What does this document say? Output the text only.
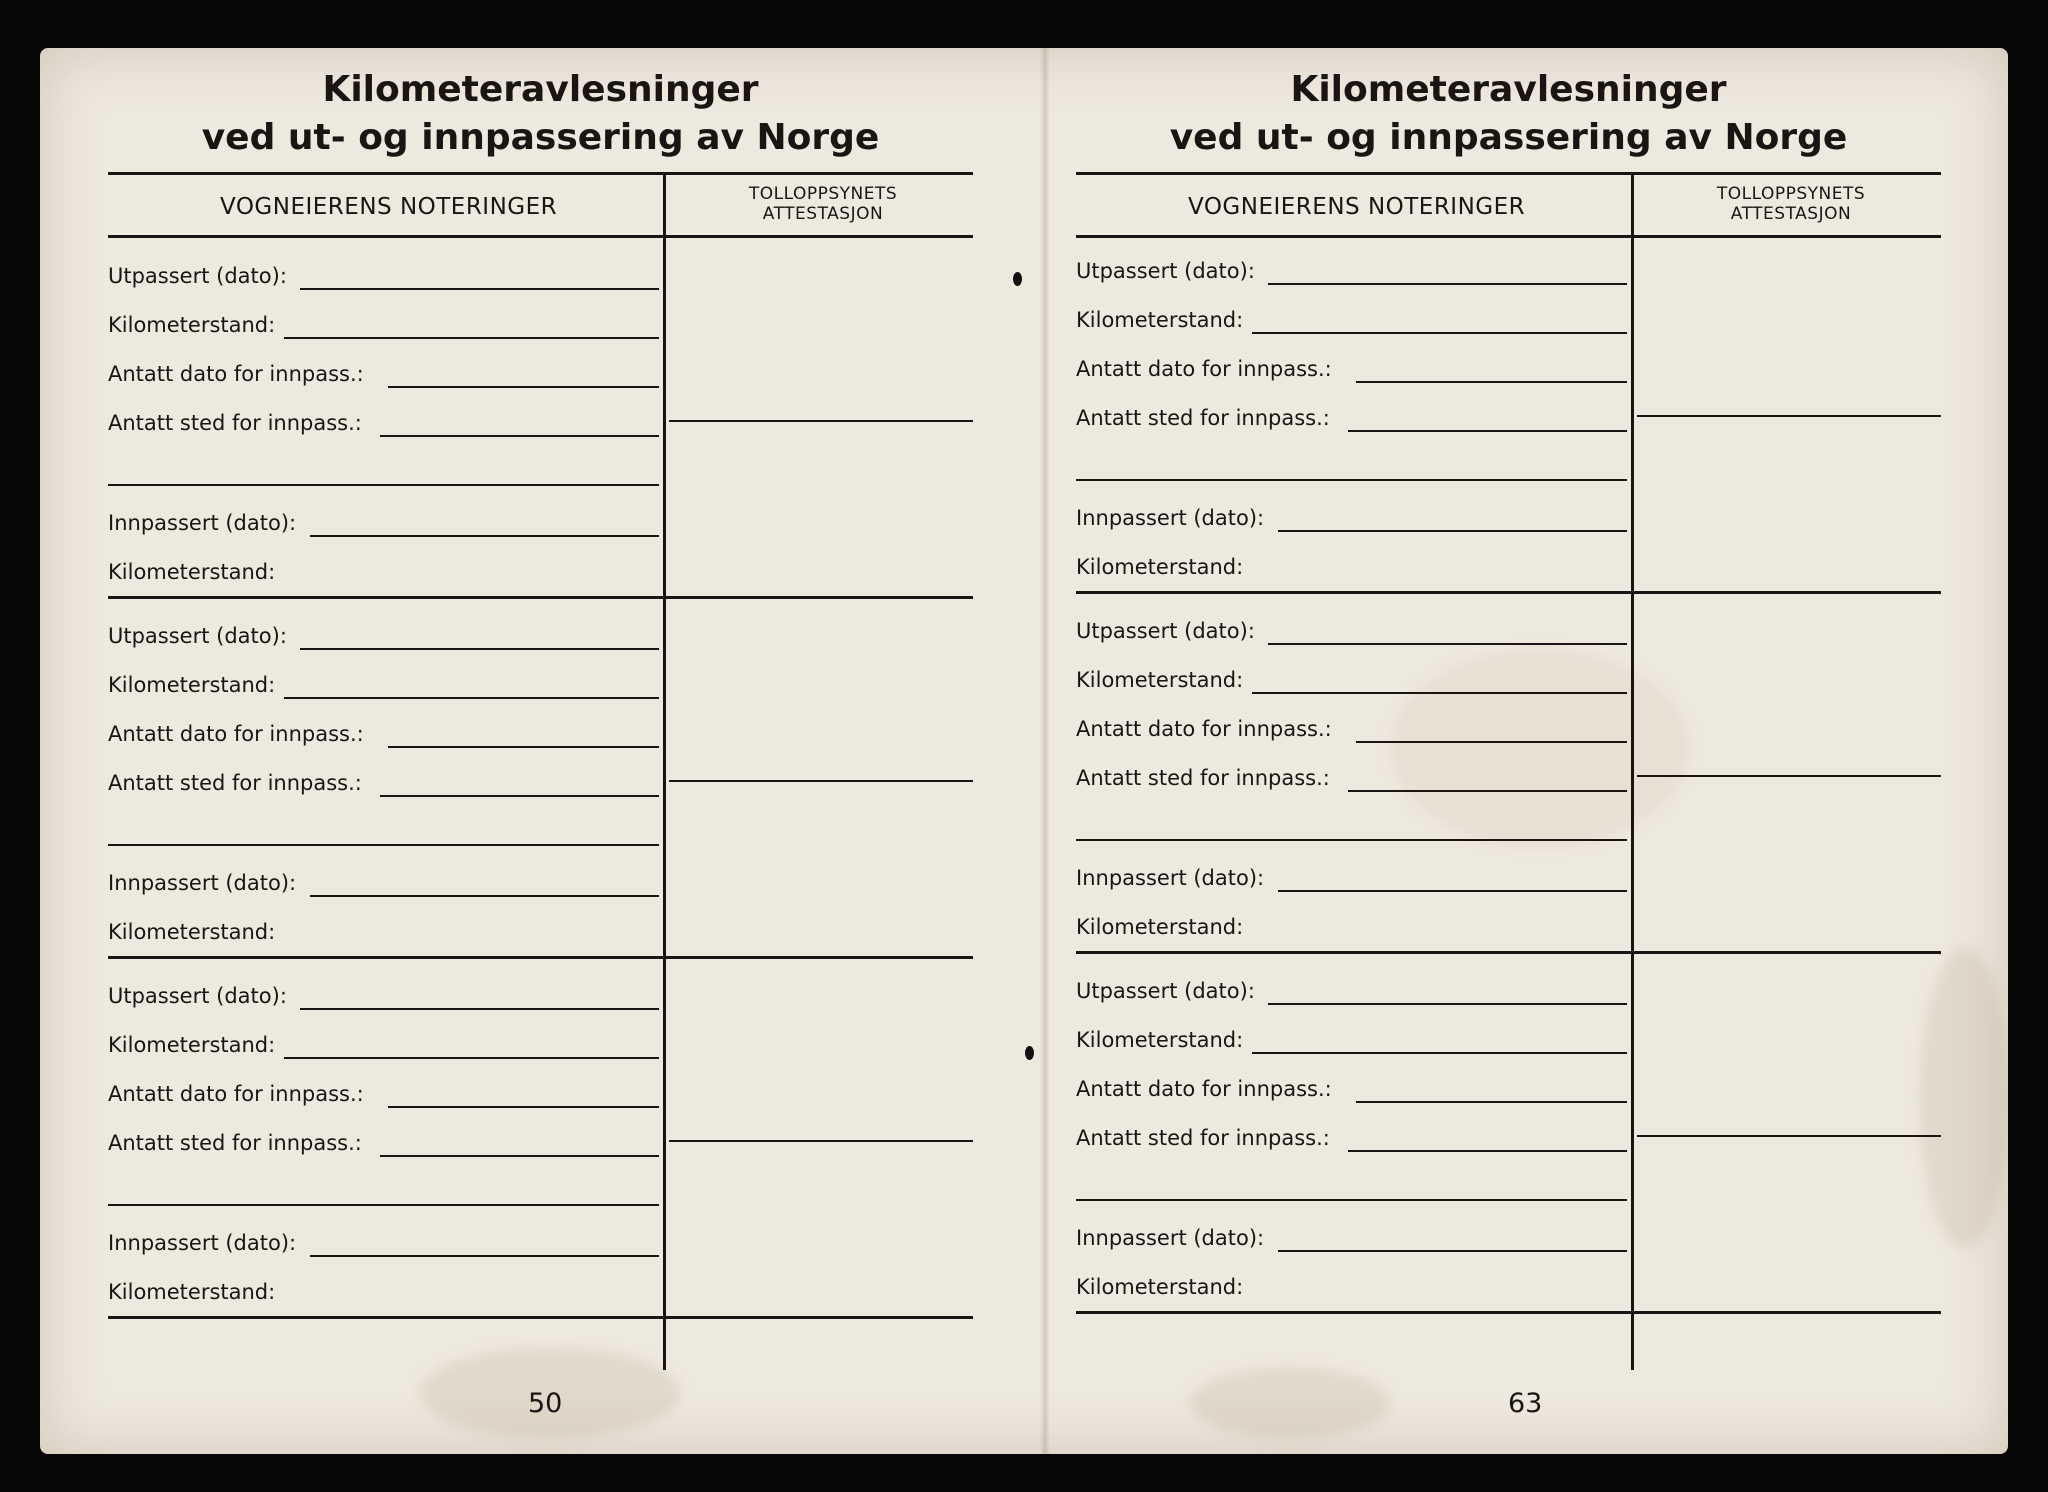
Kilometeravlesninger
ved ut- og innpassering av Norge
VOGNEIERENS NOTERINGER	TOLLOPPSYNETS
ATTESTASJON
Utpassert (dato):
Kilometerstand:
Antatt dato for innpass.:
Antatt sted for innpass.:
Innpassert (dato):
Kilometerstand:
Utpassert (dato):
Kilometerstand:
Antatt dato for innpass.:
Antatt sted for innpass.:
Innpassert (dato):
Kilometerstand:
Utpassert (dato):
Kilometerstand:
Antatt dato for innpass.:
Antatt sted for innpass.:
Innpassert (dato):
Kilometerstand:
50
Kilometeravlesninger
ved ut- og innpassering av Norge
VOGNEIERENS NOTERINGER	TOLLOPPSYNETS
ATTESTASJON
Utpassert (dato):
Kilometerstand:
Antatt dato for innpass.:
Antatt sted for innpass.:
Innpassert (dato):
Kilometerstand:
Utpassert (dato):
Kilometerstand:
Antatt dato for innpass.:
Antatt sted for innpass.:
Innpassert (dato):
Kilometerstand:
Utpassert (dato):
Kilometerstand:
Antatt dato for innpass.:
Antatt sted for innpass.:
Innpassert (dato):
Kilometerstand:
63
